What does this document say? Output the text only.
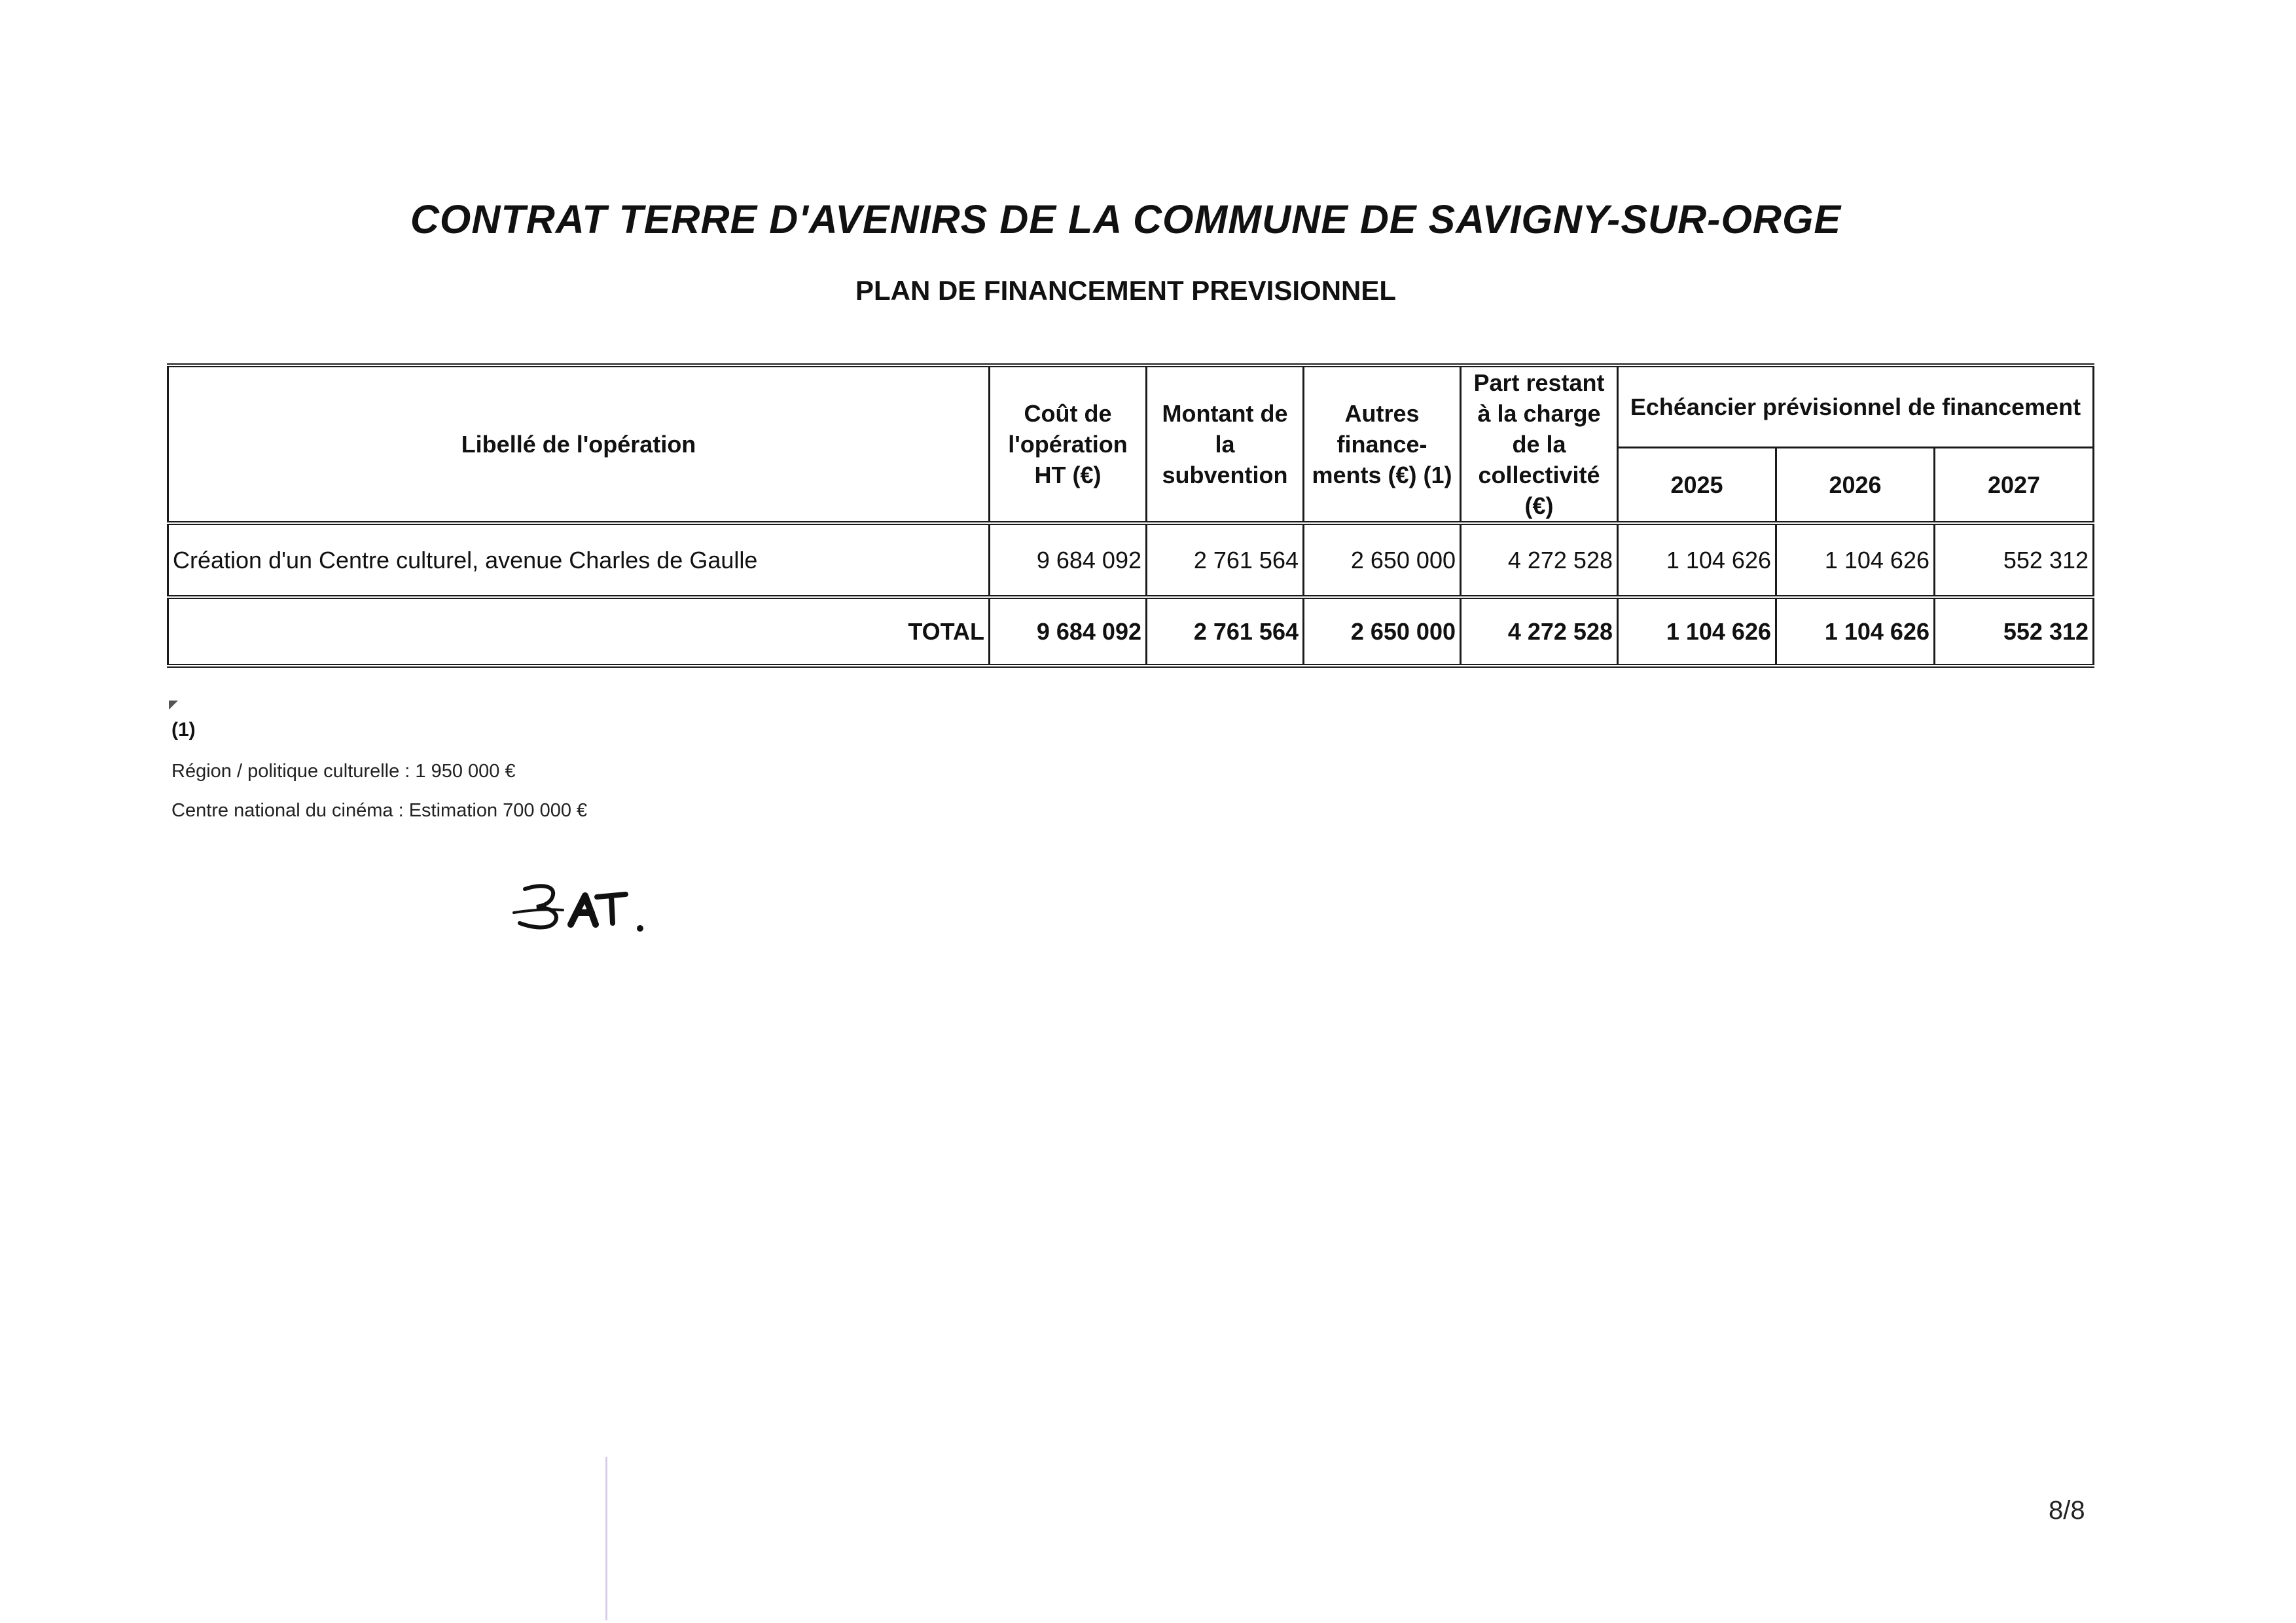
CONTRAT TERRE D'AVENIRS DE LA COMMUNE DE SAVIGNY-SUR-ORGE
PLAN DE FINANCEMENT PREVISIONNEL
Libellé de l'opération	Coût de l'opération HT (€)	Montant de la subvention	Autres finance-ments (€) (1)	Part restant à la charge de la collectivité (€)	Echéancier prévisionnel de financement		
					2025	2026	2027
Création d'un Centre culturel, avenue Charles de Gaulle	9 684 092	2 761 564	2 650 000	4 272 528	1 104 626	1 104 626	552 312
TOTAL	9 684 092	2 761 564	2 650 000	4 272 528	1 104 626	1 104 626	552 312
(1)
Région / politique culturelle : 1 950 000 €
Centre national du cinéma : Estimation 700 000 €
8/8
